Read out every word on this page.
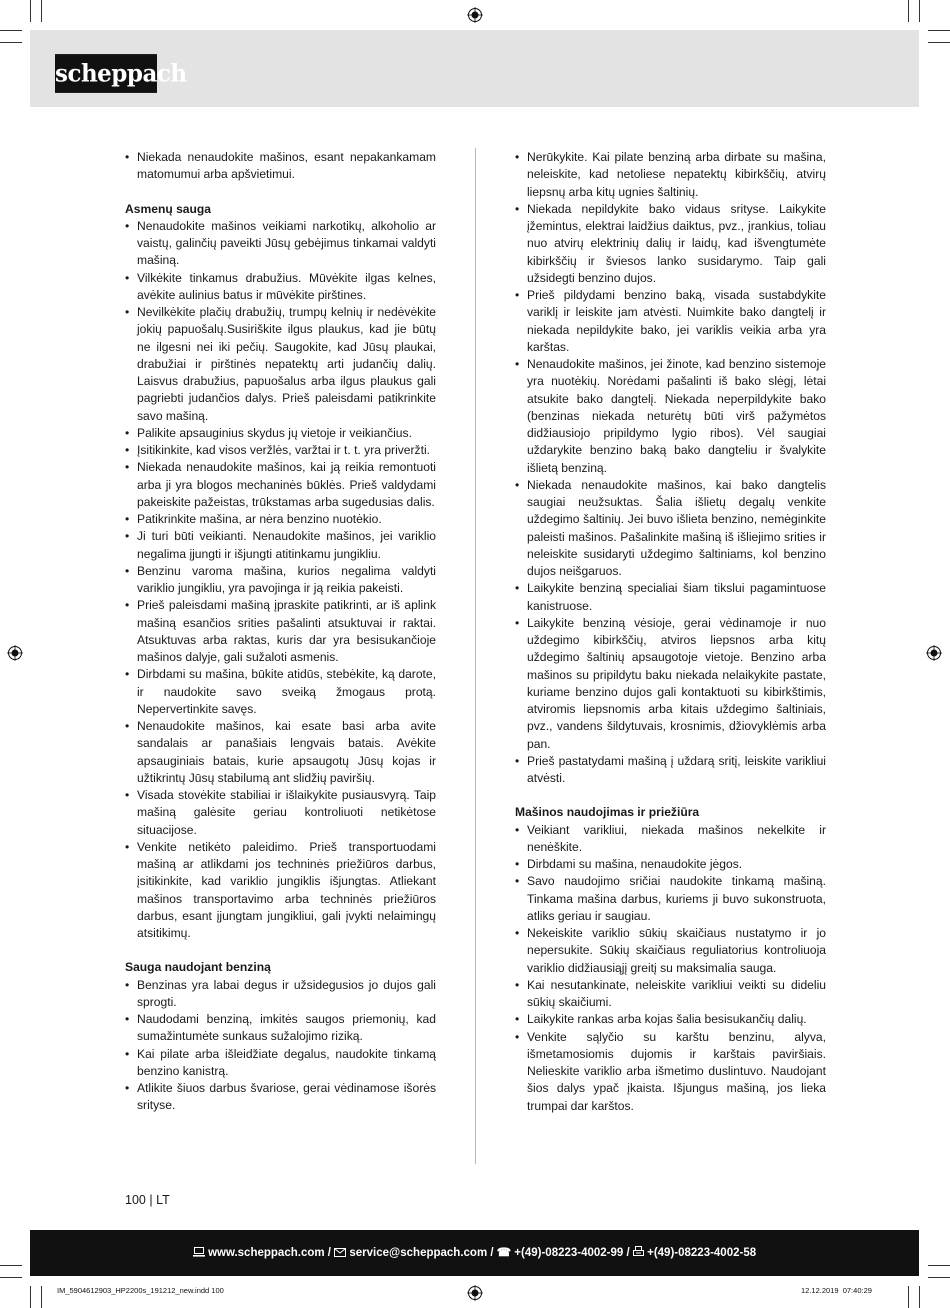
scheppach
• Niekada nenaudokite mašinos, esant nepakankamam matomumui arba apšvietimui.
Asmenų sauga
• Nenaudokite mašinos veikiami narkotikų, alkoholio ar vaistų, galinčių paveikti Jūsų gebėjimus tinkamai valdyti mašiną.
• Vilkėkite tinkamus drabužius. Mūvėkite ilgas kelnes, avėkite aulinius batus ir mūvėkite pirštines.
• Nevilkėkite plačių drabužių, trumpų kelnių ir nedėvėkite jokių papuošalų.Susiriškite ilgus plaukus, kad jie būtų ne ilgesni nei iki pečių. Saugokite, kad Jūsų plaukai, drabužiai ir pirštinės nepatektų arti judančių dalių. Laisvus drabužius, papuošalus arba ilgus plaukus gali pagriebti judančios dalys. Prieš paleisdami patikrinkite savo mašiną.
• Palikite apsauginius skydus jų vietoje ir veikiančius.
• Įsitikinkite, kad visos veržlės, varžtai ir t. t. yra priveržti.
• Niekada nenaudokite mašinos, kai ją reikia remontuoti arba ji yra blogos mechaninės būklės. Prieš valdydami pakeiskite pažeistas, trūkstamas arba sugedusias dalis.
• Patikrinkite mašina, ar nėra benzino nuotėkio.
• Ji turi būti veikianti. Nenaudokite mašinos, jei variklio negalima įjungti ir išjungti atitinkamu jungikliu.
• Benzinu varoma mašina, kurios negalima valdyti variklio jungikliu, yra pavojinga ir ją reikia pakeisti.
• Prieš paleisdami mašiną įpraskite patikrinti, ar iš aplink mašiną esančios srities pašalinti atsuktuvai ir raktai. Atsuktuvas arba raktas, kuris dar yra besisukančioje mašinos dalyje, gali sužaloti asmenis.
• Dirbdami su mašina, būkite atidūs, stebėkite, ką darote, ir naudokite savo sveiką žmogaus protą. Nepervertinkite savęs.
• Nenaudokite mašinos, kai esate basi arba avite sandalais ar panašiais lengvais batais. Avėkite apsauginiais batais, kurie apsaugotų Jūsų kojas ir užtikrintų Jūsų stabilumą ant slidžių paviršių.
• Visada stovėkite stabiliai ir išlaikykite pusiausvyrą. Taip mašiną galėsite geriau kontroliuoti netikėtose situacijose.
• Venkite netikėto paleidimo. Prieš transportuodami mašiną ar atlikdami jos techninės priežiūros darbus, įsitikinkite, kad variklio jungiklis išjungtas. Atliekant mašinos transportavimo arba techninės priežiūros darbus, esant įjungtam jungikliui, gali įvykti nelaimingų atsitikimų.
Sauga naudojant benziną
• Benzinas yra labai degus ir užsidegusios jo dujos gali sprogti.
• Naudodami benziną, imkitės saugos priemonių, kad sumažintumėte sunkaus sužalojimo riziką.
• Kai pilate arba išleidžiate degalus, naudokite tinkamą benzino kanistrą.
• Atlikite šiuos darbus švariose, gerai vėdinamose išorės srityse.
• Nerūkykite. Kai pilate benziną arba dirbate su mašina, neleiskite, kad netoliese nepatektų kibirkščių, atvirų liepsnų arba kitų ugnies šaltinių.
• Niekada nepildykite bako vidaus srityse. Laikykite įžemintus, elektrai laidžius daiktus, pvz., įrankius, toliau nuo atvirų elektrinių dalių ir laidų, kad išvengtumėte kibirkščių ir šviesos lanko susidarymo. Taip gali užsidegti benzino dujos.
• Prieš pildydami benzino baką, visada sustabdykite variklį ir leiskite jam atvėsti. Nuimkite bako dangtelį ir niekada nepildykite bako, jei variklis veikia arba yra karštas.
• Nenaudokite mašinos, jei žinote, kad benzino sistemoje yra nuotėkių. Norėdami pašalinti iš bako slėgį, lėtai atsukite bako dangtelį. Niekada neperpildykite bako (benzinas niekada neturėtų būti virš pažymėtos didžiausiojo pripildymo lygio ribos). Vėl saugiai uždarykite benzino baką bako dangteliu ir švalykite išlietą benziną.
• Niekada nenaudokite mašinos, kai bako dangtelis saugiai neužsuktas. Šalia išlietų degalų venkite uždegimo šaltinių. Jei buvo išlieta benzino, nemėginkite paleisti mašinos. Pašalinkite mašiną iš išliejimo srities ir neleiskite susidaryti uždegimo šaltiniams, kol benzino dujos neišgaruos.
• Laikykite benziną specialiai šiam tikslui pagamintuose kanistruose.
• Laikykite benziną vėsioje, gerai vėdinamoje ir nuo uždegimo kibirkščių, atviros liepsnos arba kitų uždegimo šaltinių apsaugotoje vietoje. Benzino arba mašinos su pripildytu baku niekada nelaikykite pastate, kuriame benzino dujos gali kontaktuoti su kibirkštimis, atviromis liepsnomis arba kitais uždegimo šaltiniais, pvz., vandens šildytuvais, krosnimis, džiovyklėmis arba pan.
• Prieš pastatydami mašiną į uždarą sritį, leiskite varikliui atvėsti.
Mašinos naudojimas ir priežiūra
• Veikiant varikliui, niekada mašinos nekelkite ir nenėškite.
• Dirbdami su mašina, nenaudokite jėgos.
• Savo naudojimo sričiai naudokite tinkamą mašiną. Tinkama mašina darbus, kuriems ji buvo sukonstruota, atliks geriau ir saugiau.
• Nekeiskite variklio sūkių skaičiaus nustatymo ir jo nepersukite. Sūkių skaičiaus reguliatorius kontroliuoja variklio didžiausiąjį greitį su maksimalia sauga.
• Kai nesutankinate, neleiskite varikliui veikti su dideliu sūkių skaičiumi.
• Laikykite rankas arba kojas šalia besisukančių dalių.
• Venkite sąlyčio su karštu benzinu, alyva, išmetamosiomis dujomis ir karštais paviršiais. Nelieskite variklio arba išmetimo duslintuvo. Naudojant šios dalys ypač įkaista. Išjungus mašiną, jos lieka trumpai dar karštos.
100 | LT
www.scheppach.com /  service@scheppach.com / ☎ +(49)-08223-4002-99 /  +(49)-08223-4002-58
IM_5904612903_HP2200s_191212_new.indd 100	12.12.2019 07:40:29
